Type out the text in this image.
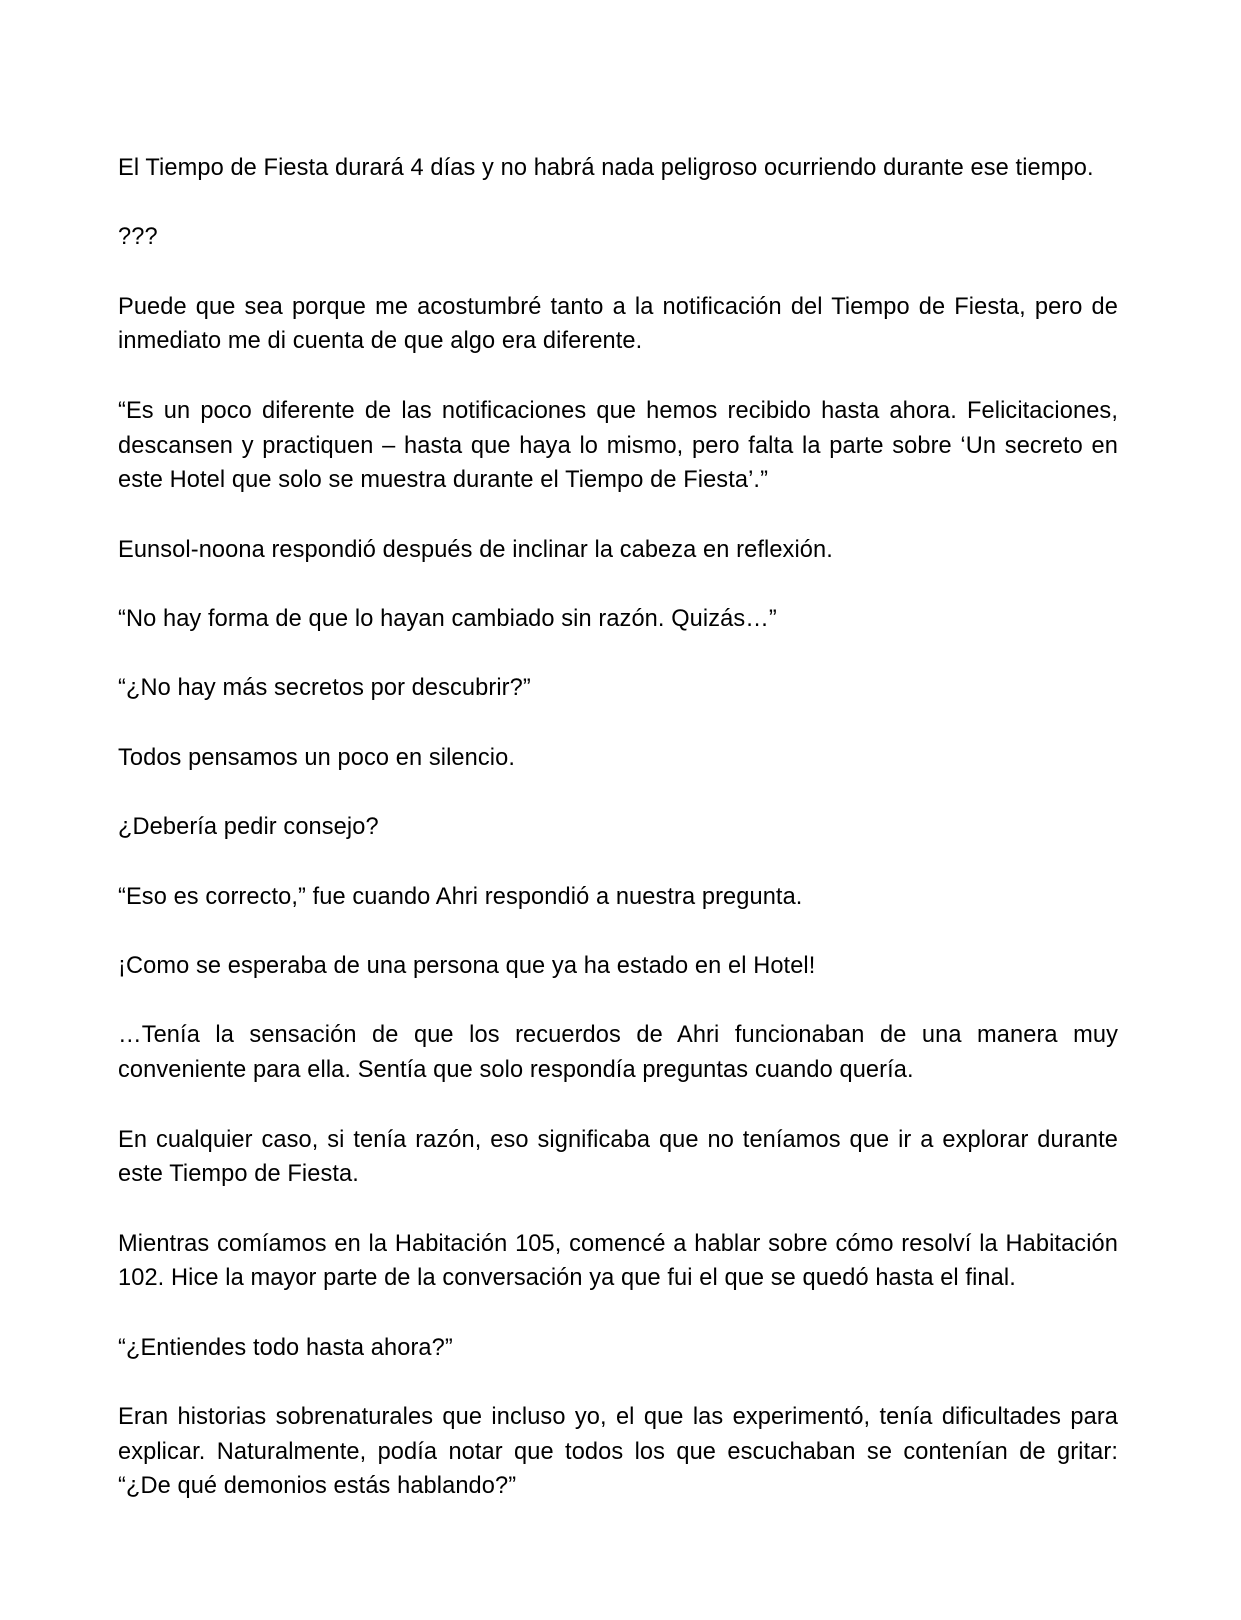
El Tiempo de Fiesta durará 4 días y no habrá nada peligroso ocurriendo durante ese tiempo.

???

Puede que sea porque me acostumbré tanto a la notificación del Tiempo de Fiesta, pero de inmediato me di cuenta de que algo era diferente.

“Es un poco diferente de las notificaciones que hemos recibido hasta ahora. Felicitaciones, descansen y practiquen – hasta que haya lo mismo, pero falta la parte sobre ‘Un secreto en este Hotel que solo se muestra durante el Tiempo de Fiesta’.”

Eunsol-noona respondió después de inclinar la cabeza en reflexión.

“No hay forma de que lo hayan cambiado sin razón. Quizás…”

“¿No hay más secretos por descubrir?”

Todos pensamos un poco en silencio.

¿Debería pedir consejo?

“Eso es correcto,” fue cuando Ahri respondió a nuestra pregunta.

¡Como se esperaba de una persona que ya ha estado en el Hotel!

…Tenía la sensación de que los recuerdos de Ahri funcionaban de una manera muy conveniente para ella. Sentía que solo respondía preguntas cuando quería.

En cualquier caso, si tenía razón, eso significaba que no teníamos que ir a explorar durante este Tiempo de Fiesta.

Mientras comíamos en la Habitación 105, comencé a hablar sobre cómo resolví la Habitación 102. Hice la mayor parte de la conversación ya que fui el que se quedó hasta el final.

“¿Entiendes todo hasta ahora?”

Eran historias sobrenaturales que incluso yo, el que las experimentó, tenía dificultades para explicar. Naturalmente, podía notar que todos los que escuchaban se contenían de gritar: “¿De qué demonios estás hablando?”
